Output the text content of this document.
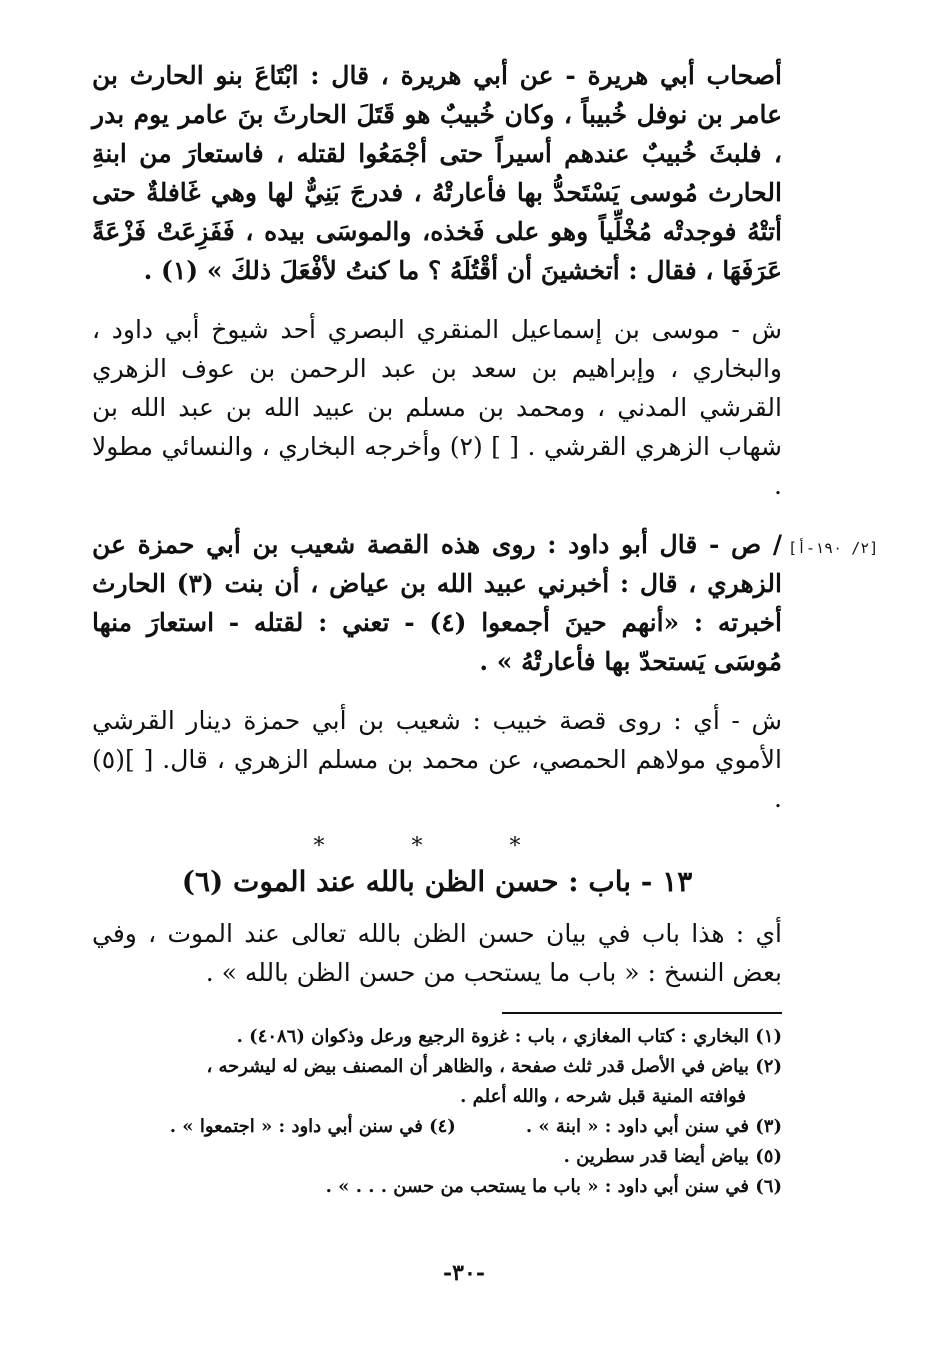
أصحاب أبي هريرة - عن أبي هريرة ، قال : ابْتَاعَ بنو الحارث بن عامر بن نوفل خُبيباً ، وكان خُبيبٌ هو قَتَلَ الحارثَ بنَ عامر يوم بدر ، فلبثَ خُبيبٌ عندهم أسيراً حتى أجْمَعُوا لقتله ، فاستعارَ من ابنةِ الحارث مُوسى يَسْتَحدُّ بها فأعارتْهُ ، فدرجَ بَنِيٌّ لها وهي غَافلةٌ حتى أتتْهُ فوجدتْه مُخْلِّياً وهو على فَخذه، والموسَى بيده ، فَفَزِعَتْ فَزْعَةً عَرَفَهَا ، فقال : أتخشينَ أن أقْتُلَهُ ؟ ما كنتُ لأفْعَلَ ذلكَ » (١) .

ش - موسى بن إسماعيل المنقري البصري أحد شيوخ أبي داود ، والبخاري ، وإبراهيم بن سعد بن عبد الرحمن بن عوف الزهري القرشي المدني ، ومحمد بن مسلم بن عبيد الله بن عبد الله بن شهاب الزهري القرشي . [ ] (٢) وأخرجه البخاري ، والنسائي مطولا .

/ ص - قال أبو داود : روى هذه القصة شعيب بن أبي حمزة عن الزهري ، قال : أخبرني عبيد الله بن عياض ، أن بنت (٣) الحارث أخبرته : «أنهم حينَ أجمعوا (٤) - تعني : لقتله - استعارَ منها مُوسَى يَستحدّ بها فأعارتْهُ » .

ش - أي : روى قصة خبيب : شعيب بن أبي حمزة دينار القرشي الأموي مولاهم الحمصي، عن محمد بن مسلم الزهري ، قال. [ ](٥) .

* * *
١٣ - باب : حسن الظن بالله عند الموت (٦)

أي : هذا باب في بيان حسن الظن بالله تعالى عند الموت ، وفي بعض النسخ : « باب ما يستحب من حسن الظن بالله » .

(١) البخاري : كتاب المغازي ، باب : غزوة الرجيع ورعل وذكوان (٤٠٨٦) .

(٢) بياض في الأصل قدر ثلث صفحة ، والظاهر أن المصنف بيض له ليشرحه ،

فوافته المنية قبل شرحه ، والله أعلم .

(٣) في سنن أبي داود : « ابنة » .

(٤) في سنن أبي داود : « اجتمعوا » .

(٥) بياض أيضا قدر سطرين .

(٦) في سنن أبي داود : « باب ما يستحب من حسن . . . » .

[٢/ ١٩٠-أ]
-٣٠-
